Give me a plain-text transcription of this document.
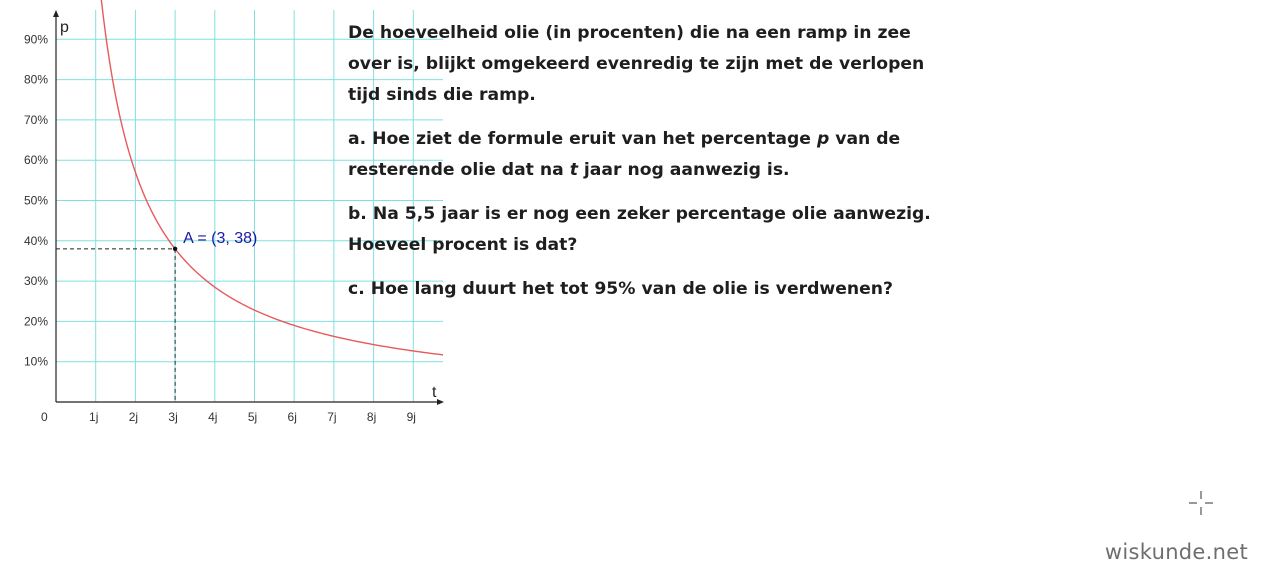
1j	2j	3j	4j	5j	6j	7j	8j	9j
10%
20%
30%
40%
50%
60%
70%
80%
90%
p
t
0
A = (3, 38)

De hoeveelheid olie (in procenten) die na een ramp in zee over is, blijkt omgekeerd evenredig te zijn met de verlopen tijd sinds die ramp.

a. Hoe ziet de formule eruit van het percentage p van de resterende olie dat na t jaar nog aanwezig is.

b. Na 5,5 jaar is er nog een zeker percentage olie aanwezig. Hoeveel procent is dat?

c. Hoe lang duurt het tot 95% van de olie is verdwenen?

wiskunde.net
